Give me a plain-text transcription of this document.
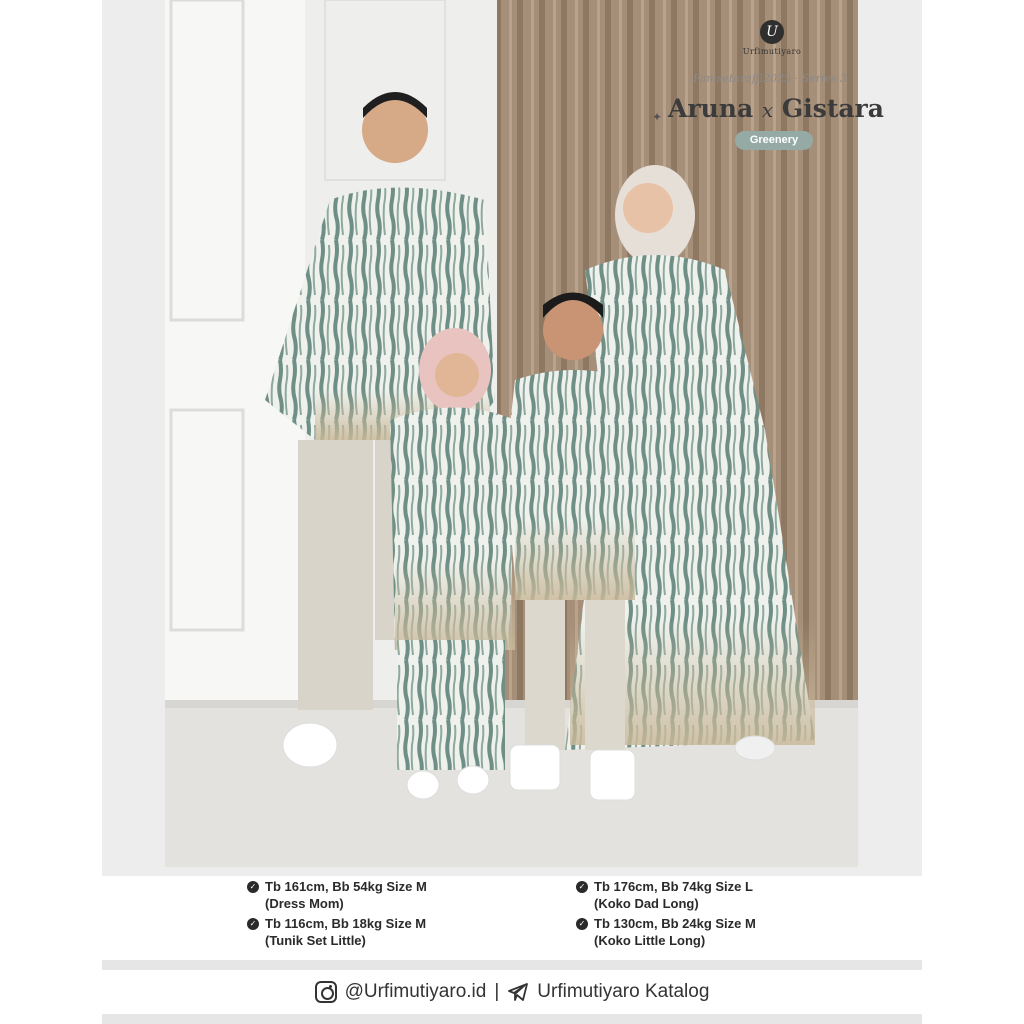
U
Urfimutiyaro
Famsetaraffi2025 · Series 3
✦ Aruna x Gistara
Greenery
✓ Tb 161cm, Bb 54kg Size M
(Dress Mom)
✓ Tb 116cm, Bb 18kg Size M
(Tunik Set Little)
✓ Tb 176cm, Bb 74kg Size L
(Koko Dad Long)
✓ Tb 130cm, Bb 24kg Size M
(Koko Little Long)
@Urfimutiyaro.id | Urfimutiyaro Katalog
